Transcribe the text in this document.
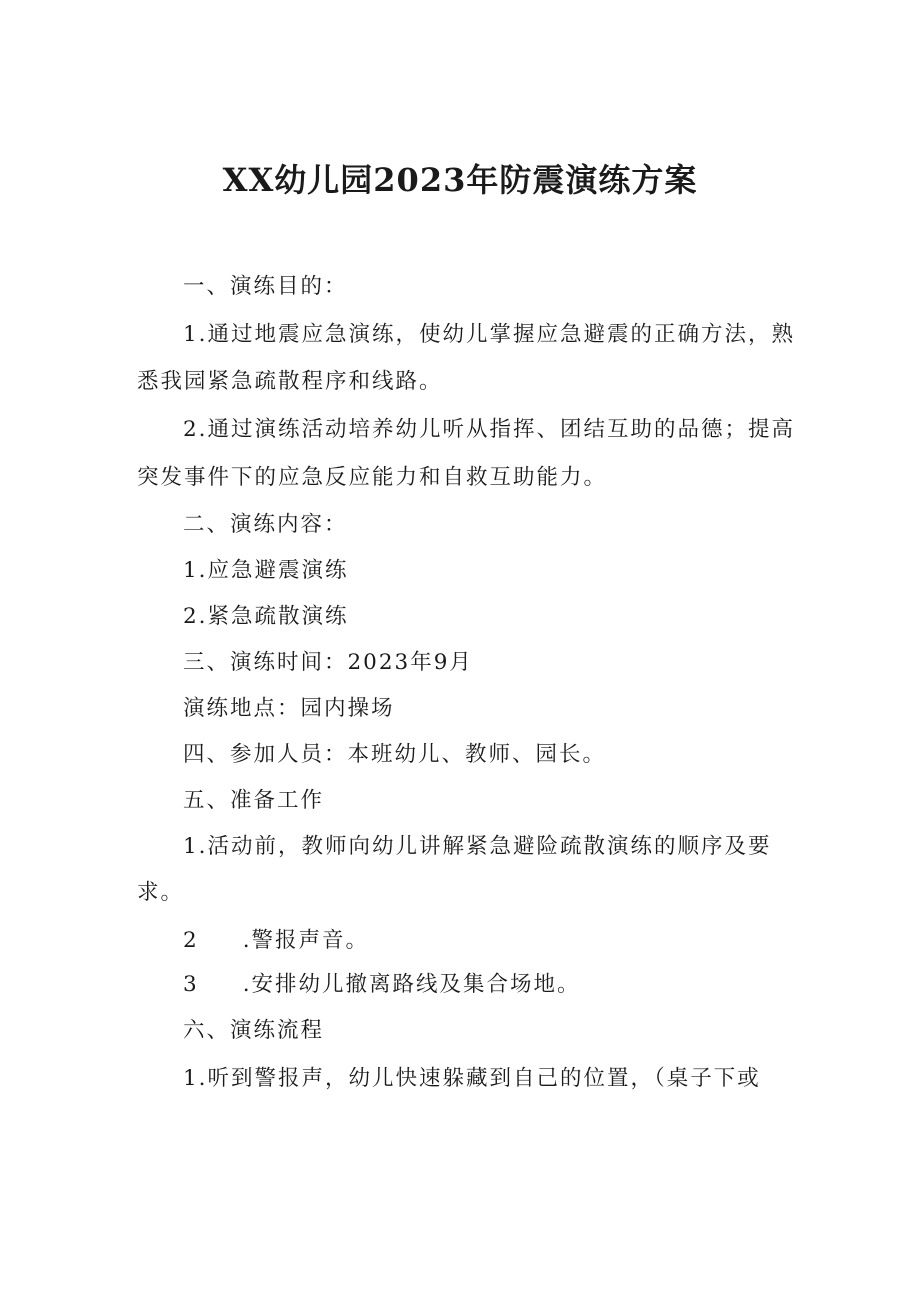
XX幼儿园2023年防震演练方案

一、演练目的：

1.通过地震应急演练，使幼儿掌握应急避震的正确方法，熟

悉我园紧急疏散程序和线路。

2.通过演练活动培养幼儿听从指挥、团结互助的品德；提高

突发事件下的应急反应能力和自救互助能力。

二、演练内容：

1.应急避震演练

2.紧急疏散演练

三、演练时间：2023年9月

演练地点：园内操场

四、参加人员：本班幼儿、教师、园长。

五、准备工作

1.活动前，教师向幼儿讲解紧急避险疏散演练的顺序及要

求。

2 .警报声音。

3 .安排幼儿撤离路线及集合场地。

六、演练流程

1.听到警报声，幼儿快速躲藏到自己的位置，（桌子下或
